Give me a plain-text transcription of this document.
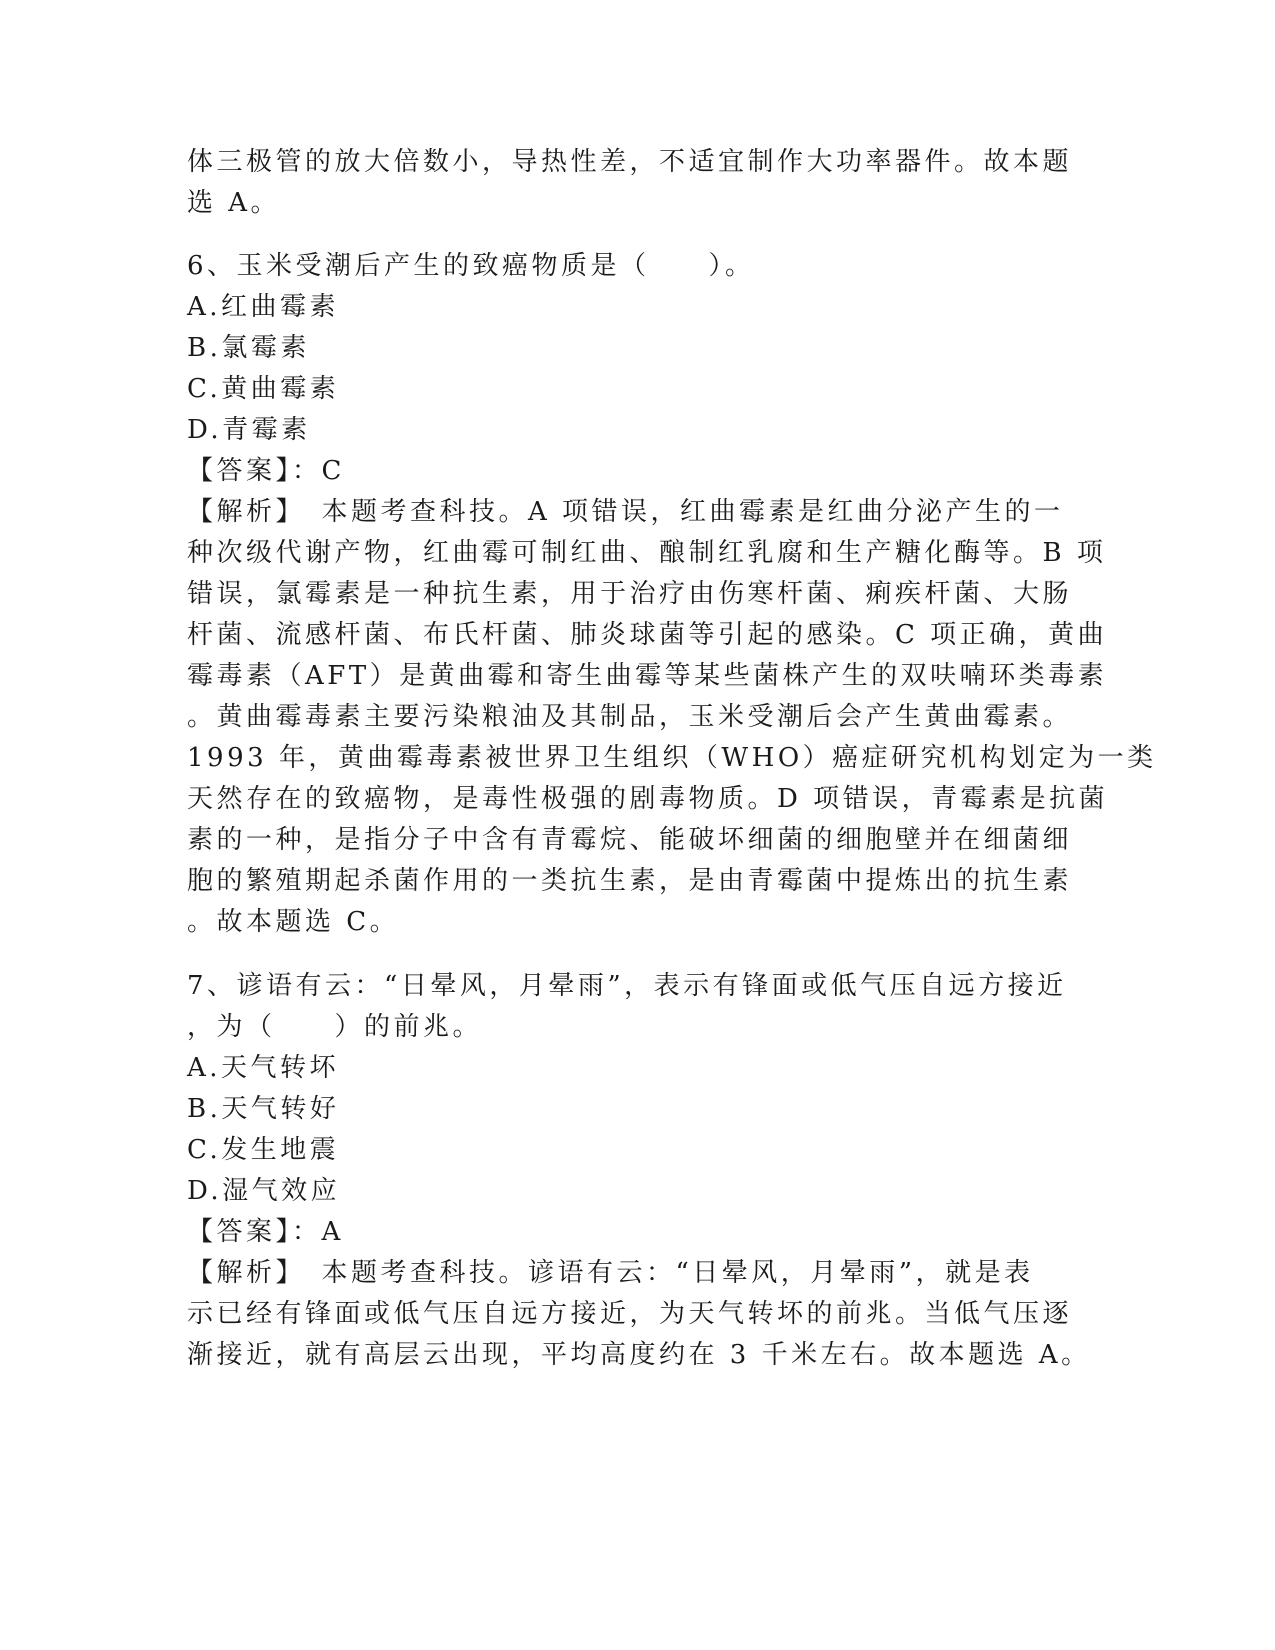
体三极管的放大倍数小，导热性差，不适宜制作大功率器件。故本题
选 A。
6、玉米受潮后产生的致癌物质是（　　）。
A.红曲霉素
B.氯霉素
C.黄曲霉素
D.青霉素
【答案】：C
【解析】　本题考查科技。A 项错误，红曲霉素是红曲分泌产生的一
种次级代谢产物，红曲霉可制红曲、酿制红乳腐和生产糖化酶等。B 项
错误，氯霉素是一种抗生素，用于治疗由伤寒杆菌、痢疾杆菌、大肠
杆菌、流感杆菌、布氏杆菌、肺炎球菌等引起的感染。C 项正确，黄曲
霉毒素（AFT）是黄曲霉和寄生曲霉等某些菌株产生的双呋喃环类毒素
。黄曲霉毒素主要污染粮油及其制品，玉米受潮后会产生黄曲霉素。
1993 年，黄曲霉毒素被世界卫生组织（WHO）癌症研究机构划定为一类
天然存在的致癌物，是毒性极强的剧毒物质。D 项错误，青霉素是抗菌
素的一种，是指分子中含有青霉烷、能破坏细菌的细胞壁并在细菌细
胞的繁殖期起杀菌作用的一类抗生素，是由青霉菌中提炼出的抗生素
。故本题选 C。
7、谚语有云：“日晕风，月晕雨”，表示有锋面或低气压自远方接近
，为（　　）的前兆。
A.天气转坏
B.天气转好
C.发生地震
D.湿气效应
【答案】：A
【解析】　本题考查科技。谚语有云：“日晕风，月晕雨”，就是表
示已经有锋面或低气压自远方接近，为天气转坏的前兆。当低气压逐
渐接近，就有高层云出现，平均高度约在 3 千米左右。故本题选 A。
